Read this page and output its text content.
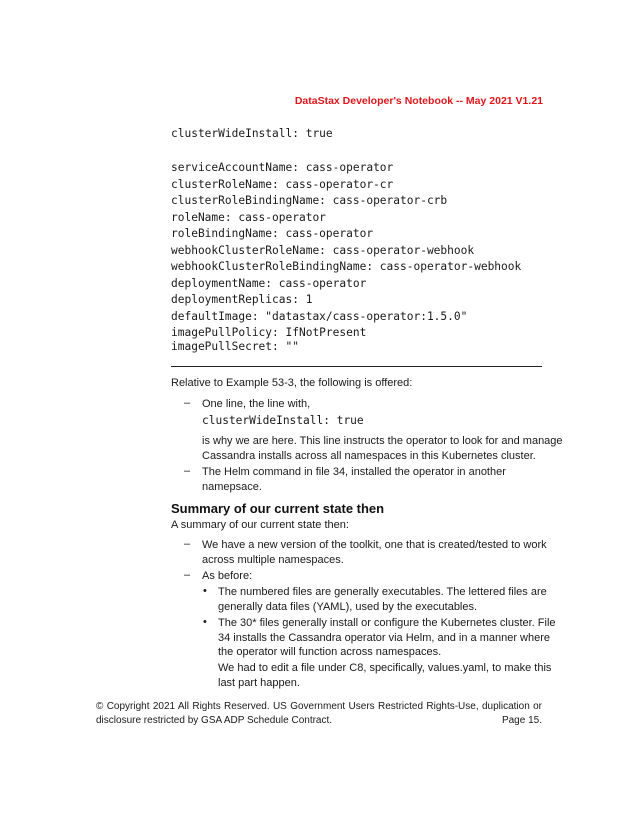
DataStax Developer's Notebook -- May 2021 V1.21
clusterWideInstall: true
serviceAccountName: cass-operator
clusterRoleName: cass-operator-cr
clusterRoleBindingName: cass-operator-crb
roleName: cass-operator
roleBindingName: cass-operator
webhookClusterRoleName: cass-operator-webhook
webhookClusterRoleBindingName: cass-operator-webhook
deploymentName: cass-operator
deploymentReplicas: 1
defaultImage: "datastax/cass-operator:1.5.0"
imagePullPolicy: IfNotPresent
imagePullSecret: ""
Relative to Example 53-3, the following is offered:
– One line, the line with,
clusterWideInstall: true
is why we are here. This line instructs the operator to look for and manage
Cassandra installs across all namespaces in this Kubernetes cluster.
– The Helm command in file 34, installed the operator in another
namepsace.
Summary of our current state then
A summary of our current state then:
– We have a new version of the toolkit, one that is created/tested to work
across multiple namespaces.
– As before:
• The numbered files are generally executables. The lettered files are
generally data files (YAML), used by the executables.
• The 30* files generally install or configure the Kubernetes cluster. File
34 installs the Cassandra operator via Helm, and in a manner where
the operator will function across namespaces.
We had to edit a file under C8, specifically, values.yaml, to make this
last part happen.
© Copyright 2021 All Rights Reserved. US Government Users Restricted Rights-Use, duplication or
disclosure restricted by GSA ADP Schedule Contract.	Page 15.
